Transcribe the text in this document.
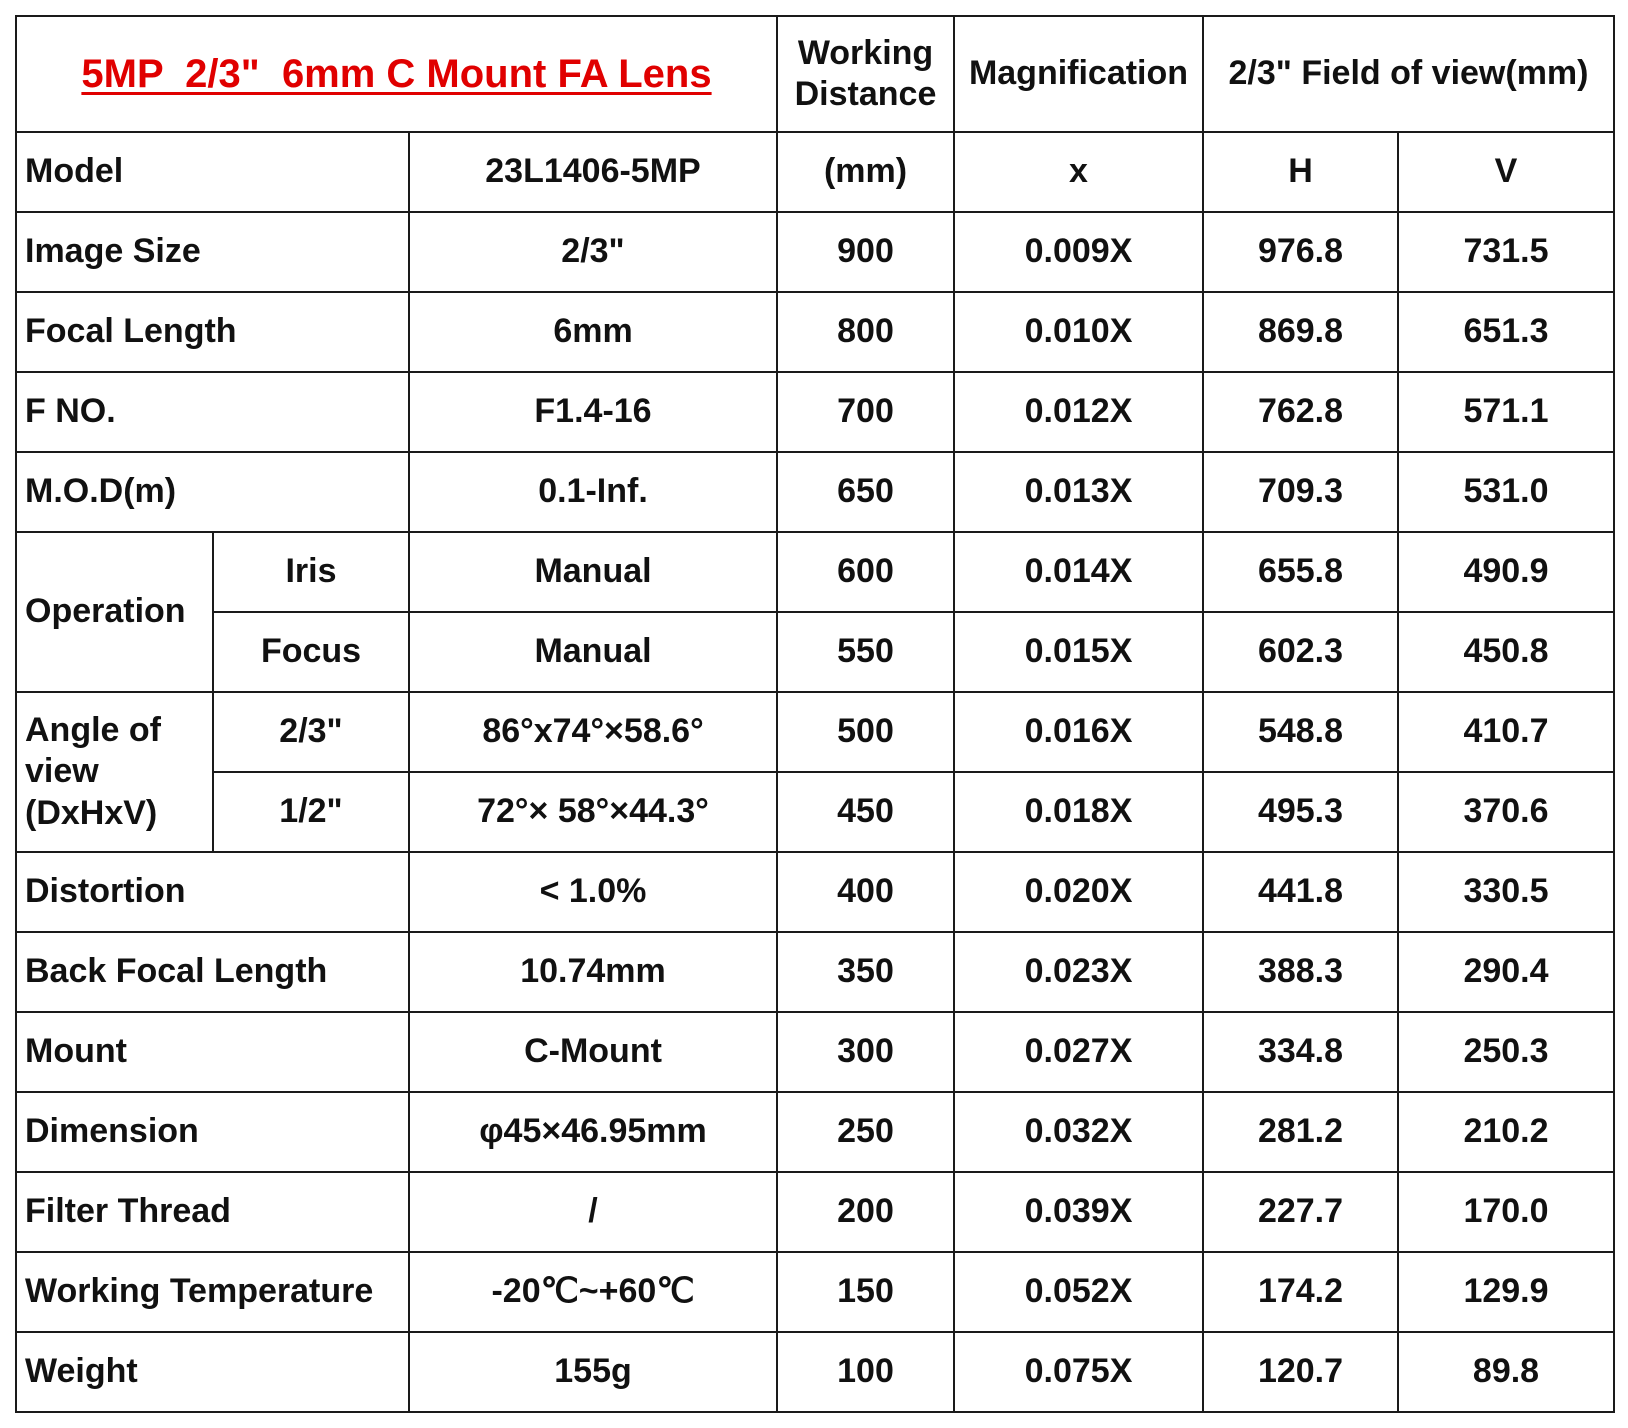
5MP  2/3"  6mm C Mount FA Lens			Working
Distance	Magnification	2/3" Field of view(mm)	
Model		23L1406-5MP	(mm)	x	H	V
Image Size		2/3"	900	0.009X	976.8	731.5
Focal Length		6mm	800	0.010X	869.8	651.3
F NO.		F1.4-16	700	0.012X	762.8	571.1
M.O.D(m)		0.1-Inf.	650	0.013X	709.3	531.0
Operation	Iris	Manual	600	0.014X	655.8	490.9
	Focus	Manual	550	0.015X	602.3	450.8
Angle of
view
(DxHxV)	2/3"	86°x74°×58.6°	500	0.016X	548.8	410.7
	1/2"	72°× 58°×44.3°	450	0.018X	495.3	370.6
Distortion		< 1.0%	400	0.020X	441.8	330.5
Back Focal Length		10.74mm	350	0.023X	388.3	290.4
Mount		C-Mount	300	0.027X	334.8	250.3
Dimension		φ45×46.95mm	250	0.032X	281.2	210.2
Filter Thread		/	200	0.039X	227.7	170.0
Working Temperature		-20℃~+60℃	150	0.052X	174.2	129.9
Weight		155g	100	0.075X	120.7	89.8
